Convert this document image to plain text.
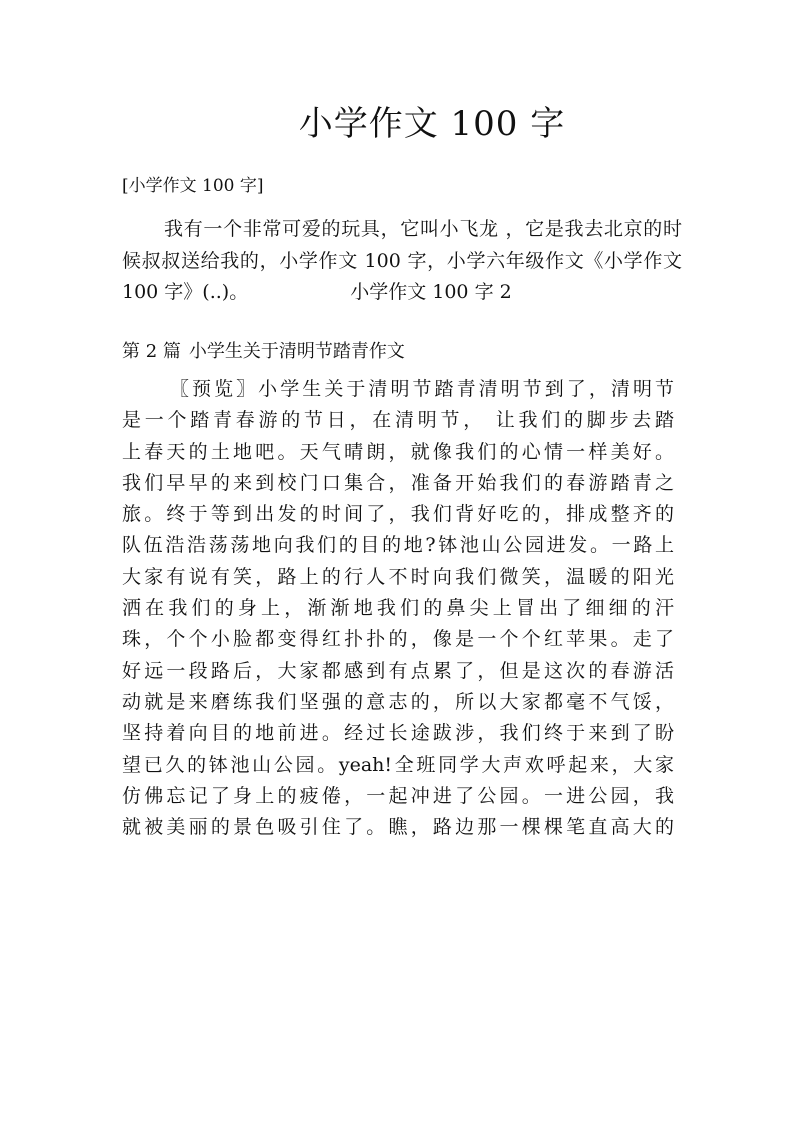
小学作文 100 字
[小学作文 100 字]

我有一个非常可爱的玩具，它叫小飞龙 ，它是我去北京的时候叔叔送给我的，小学作文 100 字，小学六年级作文《小学作文 100 字》(..)。	小学作文 100 字 2

第 2 篇 小学生关于清明节踏青作文
〖预览〗小学生关于清明节踏青清明节到了，清明节
是一个踏青春游的节日，在清明节， 让我们的脚步去踏
上春天的土地吧。天气晴朗，就像我们的心情一样美好。
我们早早的来到校门口集合，准备开始我们的春游踏青之
旅。终于等到出发的时间了，我们背好吃的，排成整齐的
队伍浩浩荡荡地向我们的目的地?钵池山公园进发。一路上
大家有说有笑，路上的行人不时向我们微笑，温暖的阳光
洒在我们的身上，渐渐地我们的鼻尖上冒出了细细的汗
珠，个个小脸都变得红扑扑的，像是一个个红苹果。走了
好远一段路后，大家都感到有点累了，但是这次的春游活
动就是来磨练我们坚强的意志的，所以大家都毫不气馁，
坚持着向目的地前进。经过长途跋涉，我们终于来到了盼
望已久的钵池山公园。yeah!全班同学大声欢呼起来，大家
仿佛忘记了身上的疲倦，一起冲进了公园。一进公园，我
就被美丽的景色吸引住了。瞧，路边那一棵棵笔直高大的
